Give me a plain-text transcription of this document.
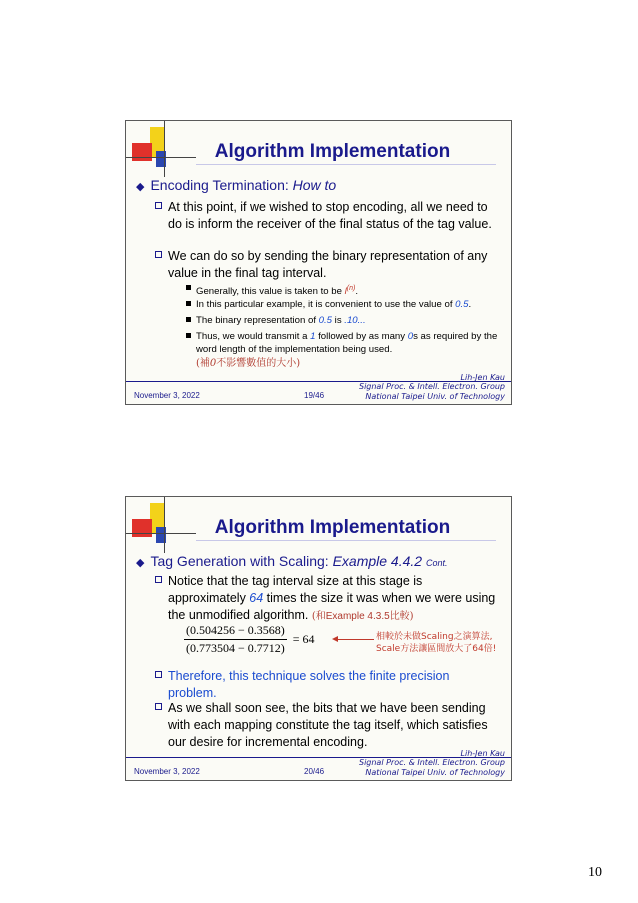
Algorithm Implementation
◆ Encoding Termination: How to
At this point, if we wished to stop encoding, all we need to do is inform the receiver of the final status of the tag value.
We can do so by sending the binary representation of any value in the final tag interval.
Generally, this value is taken to be $l^{(n)}$.
In this particular example, it is convenient to use the value of 0.5.
The binary representation of 0.5 is .10...
Thus, we would transmit a 1 followed by as many 0s as required by the word length of the implementation being used.
(補0不影響數值的大小)
November 3, 2022	19/46
Lih-Jen Kau
Signal Proc. & Intell. Electron. Group
National Taipei Univ. of Technology
Algorithm Implementation
◆ Tag Generation with Scaling: Example 4.4.2 Cont.
Notice that the tag interval size at this stage is approximately 64 times the size it was when we were using the unmodified algorithm. (和Example 4.3.5比較)
$\frac{(0.504256 - 0.3568)}{(0.773504 - 0.7712)} = 64$	相較於未做Scaling之演算法,
Scale方法讓區間放大了64倍!
Therefore, this technique solves the finite precision problem.
As we shall soon see, the bits that we have been sending with each mapping constitute the tag itself, which satisfies our desire for incremental encoding.
November 3, 2022	20/46
Lih-Jen Kau
Signal Proc. & Intell. Electron. Group
National Taipei Univ. of Technology
10
